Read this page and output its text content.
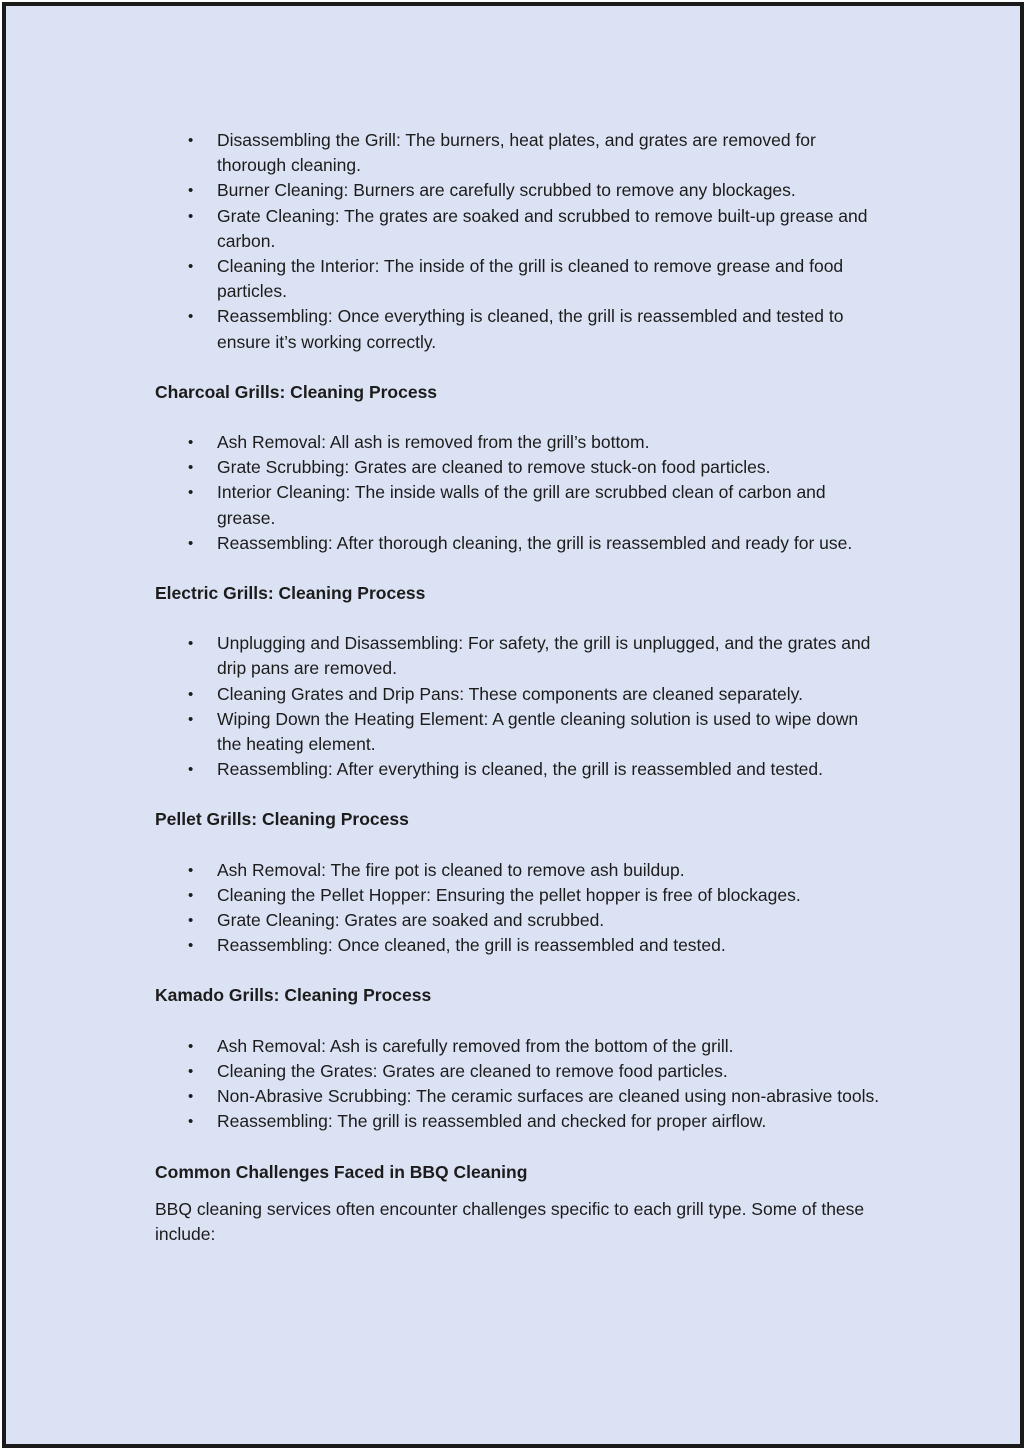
• Disassembling the Grill: The burners, heat plates, and grates are removed for thorough cleaning.
• Burner Cleaning: Burners are carefully scrubbed to remove any blockages.
• Grate Cleaning: The grates are soaked and scrubbed to remove built-up grease and carbon.
• Cleaning the Interior: The inside of the grill is cleaned to remove grease and food particles.
• Reassembling: Once everything is cleaned, the grill is reassembled and tested to ensure it’s working correctly.

Charcoal Grills: Cleaning Process

• Ash Removal: All ash is removed from the grill’s bottom.
• Grate Scrubbing: Grates are cleaned to remove stuck-on food particles.
• Interior Cleaning: The inside walls of the grill are scrubbed clean of carbon and grease.
• Reassembling: After thorough cleaning, the grill is reassembled and ready for use.

Electric Grills: Cleaning Process

• Unplugging and Disassembling: For safety, the grill is unplugged, and the grates and drip pans are removed.
• Cleaning Grates and Drip Pans: These components are cleaned separately.
• Wiping Down the Heating Element: A gentle cleaning solution is used to wipe down the heating element.
• Reassembling: After everything is cleaned, the grill is reassembled and tested.

Pellet Grills: Cleaning Process

• Ash Removal: The fire pot is cleaned to remove ash buildup.
• Cleaning the Pellet Hopper: Ensuring the pellet hopper is free of blockages.
• Grate Cleaning: Grates are soaked and scrubbed.
• Reassembling: Once cleaned, the grill is reassembled and tested.

Kamado Grills: Cleaning Process

• Ash Removal: Ash is carefully removed from the bottom of the grill.
• Cleaning the Grates: Grates are cleaned to remove food particles.
• Non-Abrasive Scrubbing: The ceramic surfaces are cleaned using non-abrasive tools.
• Reassembling: The grill is reassembled and checked for proper airflow.

Common Challenges Faced in BBQ Cleaning

BBQ cleaning services often encounter challenges specific to each grill type. Some of these include:
